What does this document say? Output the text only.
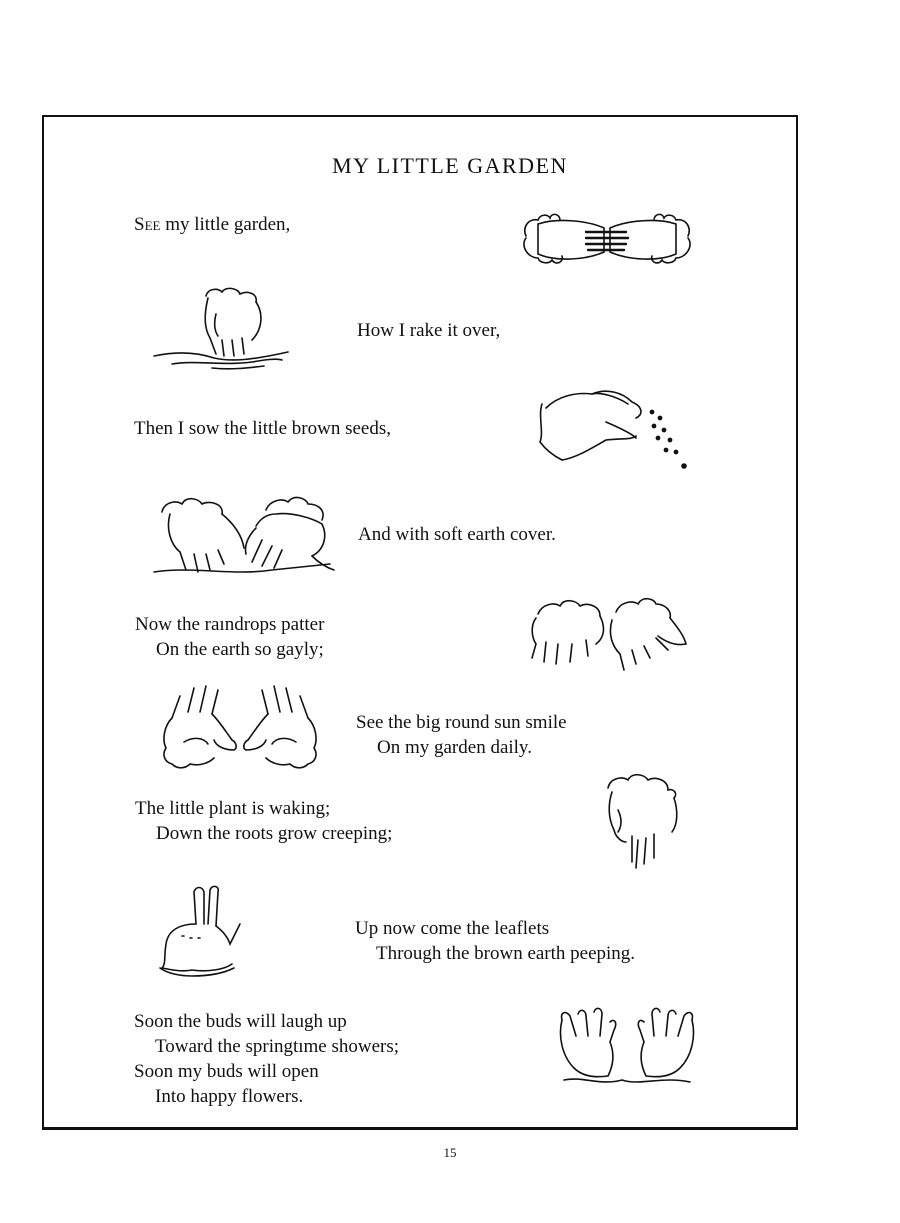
MY LITTLE GARDEN
See my little garden,
How I rake it over,
Then I sow the little brown seeds,
And with soft earth cover.
Now the raındrops patter
On the earth so gayly;
See the big round sun smile
On my garden daily.
The little plant is waking;
Down the roots grow creeping;
Up now come the leaflets
Through the brown earth peeping.
Soon the buds will laugh up
Toward the springtıme showers;
Soon my buds will open
Into happy flowers.
15
